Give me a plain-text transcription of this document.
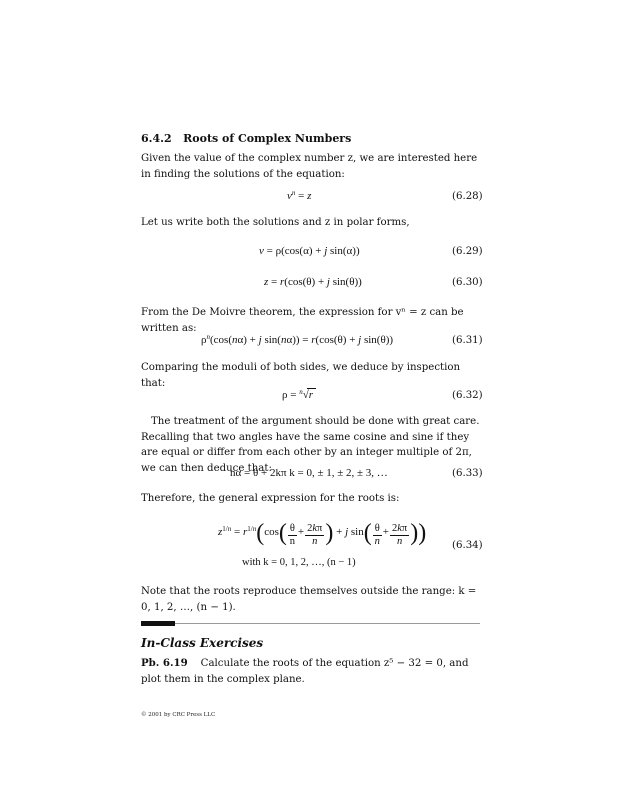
6.4.2 Roots of Complex Numbers
Given the value of the complex number z, we are interested here in finding the solutions of the equation:
$v^n = z$	(6.28)
Let us write both the solutions and z in polar forms,
v = ρ(cos(α) + j sin(α))	(6.29)
z = r(cos(θ) + j sin(θ))	(6.30)
From the De Moivre theorem, the expression for vⁿ = z can be written as:
$\rho^n(\cos(n\alpha) + j$ sin(nα)) = r(cos(θ) + j sin(θ))	(6.31)
Comparing the moduli of both sides, we deduce by inspection that:
ρ = $^n$√r	(6.32)
The treatment of the argument should be done with great care. Recalling that two angles have the same cosine and sine if they are equal or differ from each other by an integer multiple of 2π, we can then deduce that:
nα = θ + 2kπ k = 0, ± 1, ± 2, ± 3, …	(6.33)
Therefore, the general expression for the roots is:
$z^{1/n} = r^{1/n}(\cos( \frac{\theta}{n} + \frac{2k\pi}{n}$ ) + j $\sin( \frac{\theta}{n} + \frac{2k\pi}{n}$ ))	(6.34)
with k = 0, 1, 2, …, (n − 1)
Note that the roots reproduce themselves outside the range: k = 0, 1, 2, …, (n − 1).
In-Class Exercises
Pb. 6.19 Calculate the roots of the equation z⁵ − 32 = 0, and plot them in the complex plane.
© 2001 by CRC Press LLC
